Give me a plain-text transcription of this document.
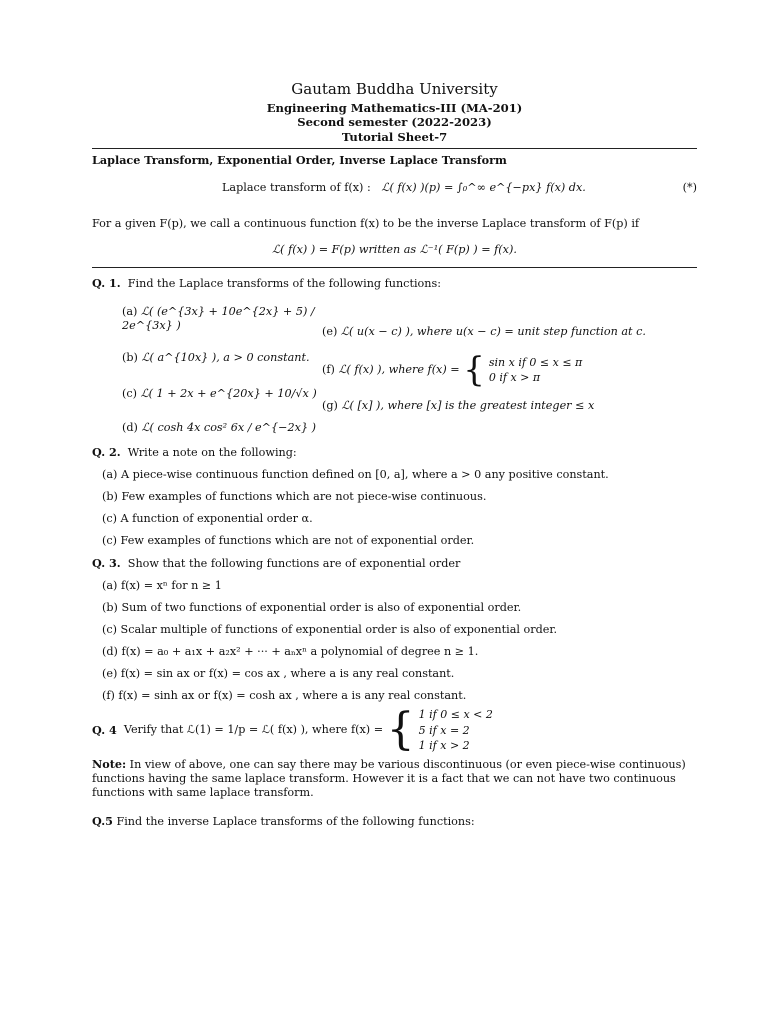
Gautam Buddha University
Engineering Mathematics-III (MA-201)
Second semester (2022-2023)
Tutorial Sheet-7
Laplace Transform, Exponential Order, Inverse Laplace Transform
Laplace transform of f(x) : ℒ( f(x) )(p) = ∫₀^∞ e^{−px} f(x) dx.	(*)
For a given F(p), we call a continuous function f(x) to be the inverse Laplace transform of F(p) if
ℒ( f(x) ) = F(p) written as ℒ⁻¹( F(p) ) = f(x).
Q. 1. Find the Laplace transforms of the following functions:
(a) ℒ( (e^{3x} + 10e^{2x} + 5) / 2e^{3x} )
(b) ℒ( a^{10x} ), a > 0 constant.
(c) ℒ( 1 + 2x + e^{20x} + 10/√x )
(d) ℒ( cosh 4x cos² 6x / e^{−2x} )
(e) ℒ( u(x − c) ), where u(x − c) = unit step function at c.
(f)
ℒ( f(x) ), where f(x) =
{ sin x if 0 ≤ x ≤ π
0 if x > π
(g) ℒ( [x] ), where [x] is the greatest integer ≤ x
Q. 2. Write a note on the following:
(a) A piece-wise continuous function defined on [0, a], where a > 0 any positive constant.
(b) Few examples of functions which are not piece-wise continuous.
(c) A function of exponential order α.
(c) Few examples of functions which are not of exponential order.
Q. 3. Show that the following functions are of exponential order
(a) f(x) = xⁿ for n ≥ 1
(b) Sum of two functions of exponential order is also of exponential order.
(c) Scalar multiple of functions of exponential order is also of exponential order.
(d) f(x) = a₀ + a₁x + a₂x² + ··· + aₙxⁿ a polynomial of degree n ≥ 1.
(e) f(x) = sin ax or f(x) = cos ax , where a is any real constant.
(f) f(x) = sinh ax or f(x) = cosh ax , where a is any real constant.
Q. 4
Verify that ℒ(1) = 1/p = ℒ( f(x) ), where f(x) =
{ 1 if 0 ≤ x < 2
5 if x = 2
1 if x > 2
Note: In view of above, one can say there may be various discontinuous (or even piece-wise continuous) functions having the same laplace transform. However it is a fact that we can not have two continuous functions with same laplace transform.
Q.5 Find the inverse Laplace transforms of the following functions:
